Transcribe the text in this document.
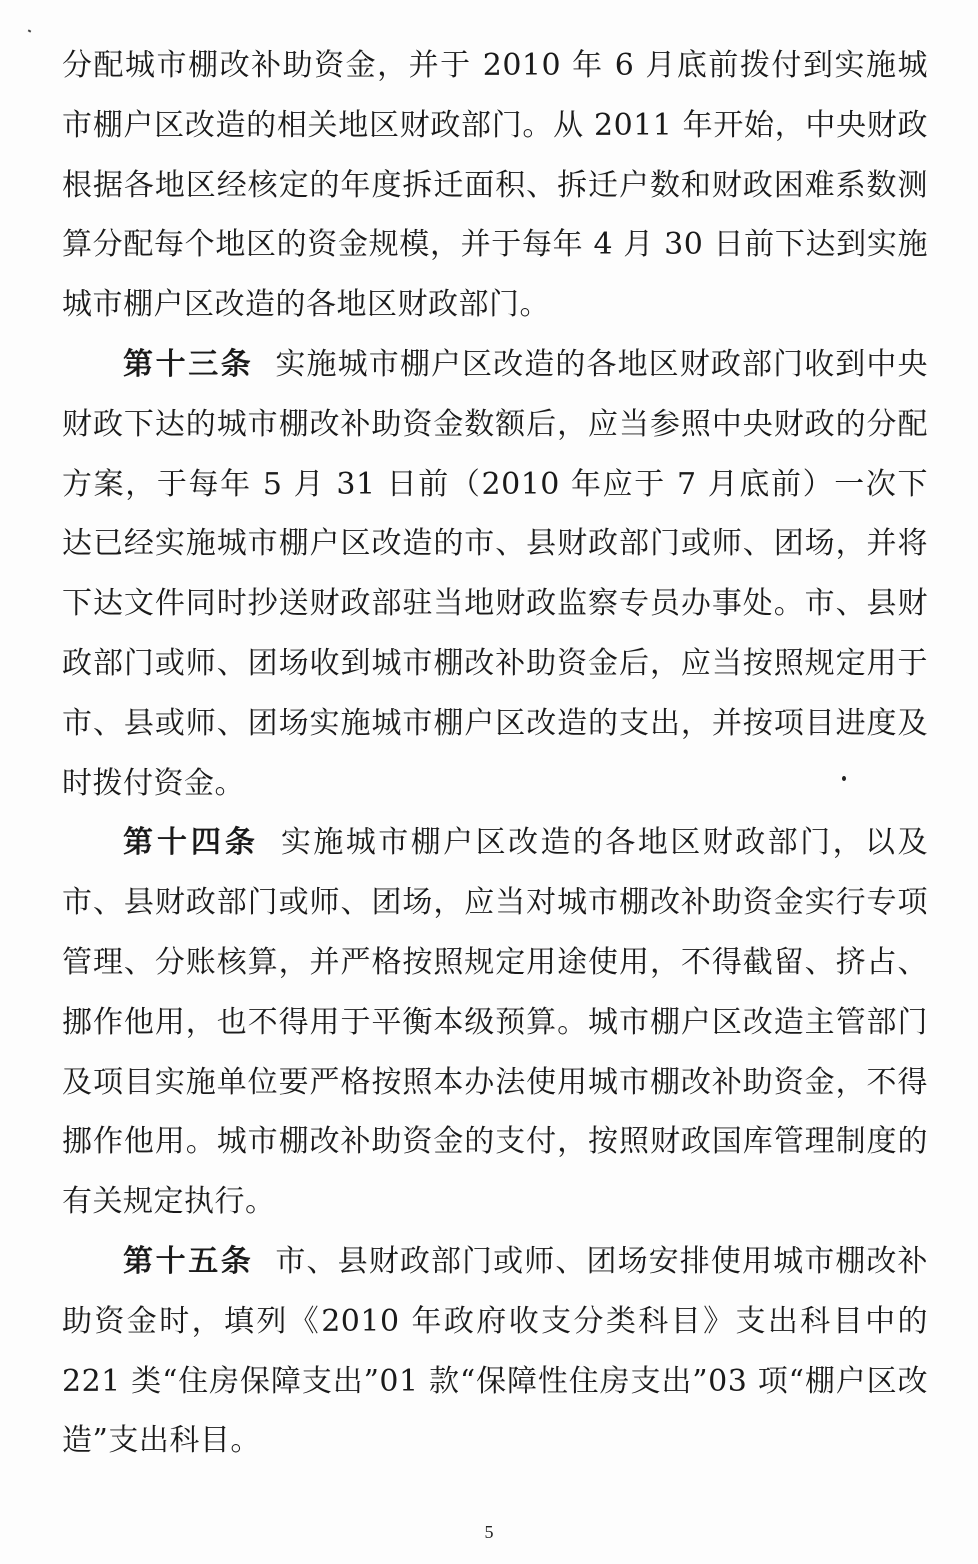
分配城市棚改补助资金，并于 2010 年 6 月底前拨付到实施城市棚户区改造的相关地区财政部门。从 2011 年开始，中央财政根据各地区经核定的年度拆迁面积、拆迁户数和财政困难系数测算分配每个地区的资金规模，并于每年 4 月 30 日前下达到实施城市棚户区改造的各地区财政部门。

第十三条 实施城市棚户区改造的各地区财政部门收到中央财政下达的城市棚改补助资金数额后，应当参照中央财政的分配方案，于每年 5 月 31 日前（2010 年应于 7 月底前）一次下达已经实施城市棚户区改造的市、县财政部门或师、团场，并将下达文件同时抄送财政部驻当地财政监察专员办事处。市、县财政部门或师、团场收到城市棚改补助资金后，应当按照规定用于市、县或师、团场实施城市棚户区改造的支出，并按项目进度及时拨付资金。

第十四条 实施城市棚户区改造的各地区财政部门，以及市、县财政部门或师、团场，应当对城市棚改补助资金实行专项管理、分账核算，并严格按照规定用途使用，不得截留、挤占、挪作他用，也不得用于平衡本级预算。城市棚户区改造主管部门及项目实施单位要严格按照本办法使用城市棚改补助资金，不得挪作他用。城市棚改补助资金的支付，按照财政国库管理制度的有关规定执行。

第十五条 市、县财政部门或师、团场安排使用城市棚改补助资金时，填列《2010 年政府收支分类科目》支出科目中的 221 类“住房保障支出”01 款“保障性住房支出”03 项“棚户区改造”支出科目。

5
